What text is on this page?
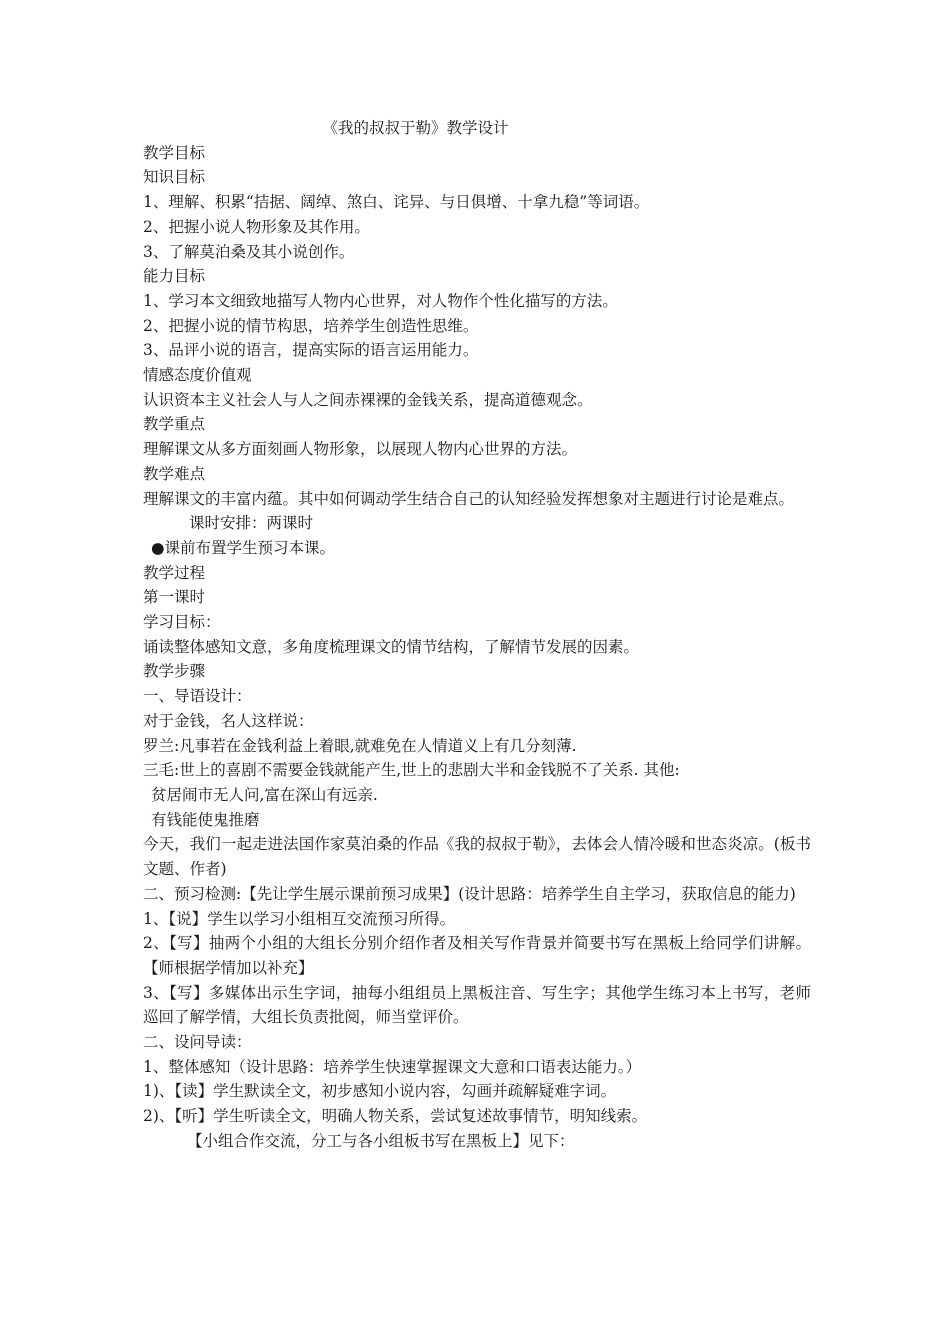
《我的叔叔于勒》教学设计
教学目标
知识目标
1、理解、积累“拮据、阔绰、煞白、诧异、与日俱增、十拿九稳”等词语。
2、把握小说人物形象及其作用。
3、了解莫泊桑及其小说创作。
能力目标
1、学习本文细致地描写人物内心世界，对人物作个性化描写的方法。
2、把握小说的情节构思，培养学生创造性思维。
3、品评小说的语言，提高实际的语言运用能力。
情感态度价值观
认识资本主义社会人与人之间赤裸裸的金钱关系，提高道德观念。
教学重点
理解课文从多方面刻画人物形象，以展现人物内心世界的方法。
教学难点
理解课文的丰富内蕴。其中如何调动学生结合自己的认知经验发挥想象对主题进行讨论是难点。
课时安排：两课时
●课前布置学生预习本课。
教学过程
第一课时
学习目标：
诵读整体感知文意，多角度梳理课文的情节结构，了解情节发展的因素。
教学步骤
一、导语设计：
对于金钱，名人这样说：
罗兰:凡事若在金钱利益上着眼,就难免在人情道义上有几分刻薄.
三毛:世上的喜剧不需要金钱就能产生,世上的悲剧大半和金钱脱不了关系. 其他:
贫居闹市无人问,富在深山有远亲.
有钱能使鬼推磨
今天，我们一起走进法国作家莫泊桑的作品《我的叔叔于勒》，去体会人情冷暖和世态炎凉。(板书文题、作者)
二、预习检测:【先让学生展示课前预习成果】(设计思路：培养学生自主学习，获取信息的能力)
1、【说】学生以学习小组相互交流预习所得。
2、【写】抽两个小组的大组长分别介绍作者及相关写作背景并简要书写在黑板上给同学们讲解。【师根据学情加以补充】
3、【写】多媒体出示生字词，抽每小组组员上黑板注音、写生字；其他学生练习本上书写，老师巡回了解学情，大组长负责批阅，师当堂评价。
二、设问导读：
1、整体感知（设计思路：培养学生快速掌握课文大意和口语表达能力。）
1)、【读】学生默读全文，初步感知小说内容，勾画并疏解疑难字词。
2)、【听】学生听读全文，明确人物关系，尝试复述故事情节，明知线索。
【小组合作交流，分工与各小组板书写在黑板上】见下：
